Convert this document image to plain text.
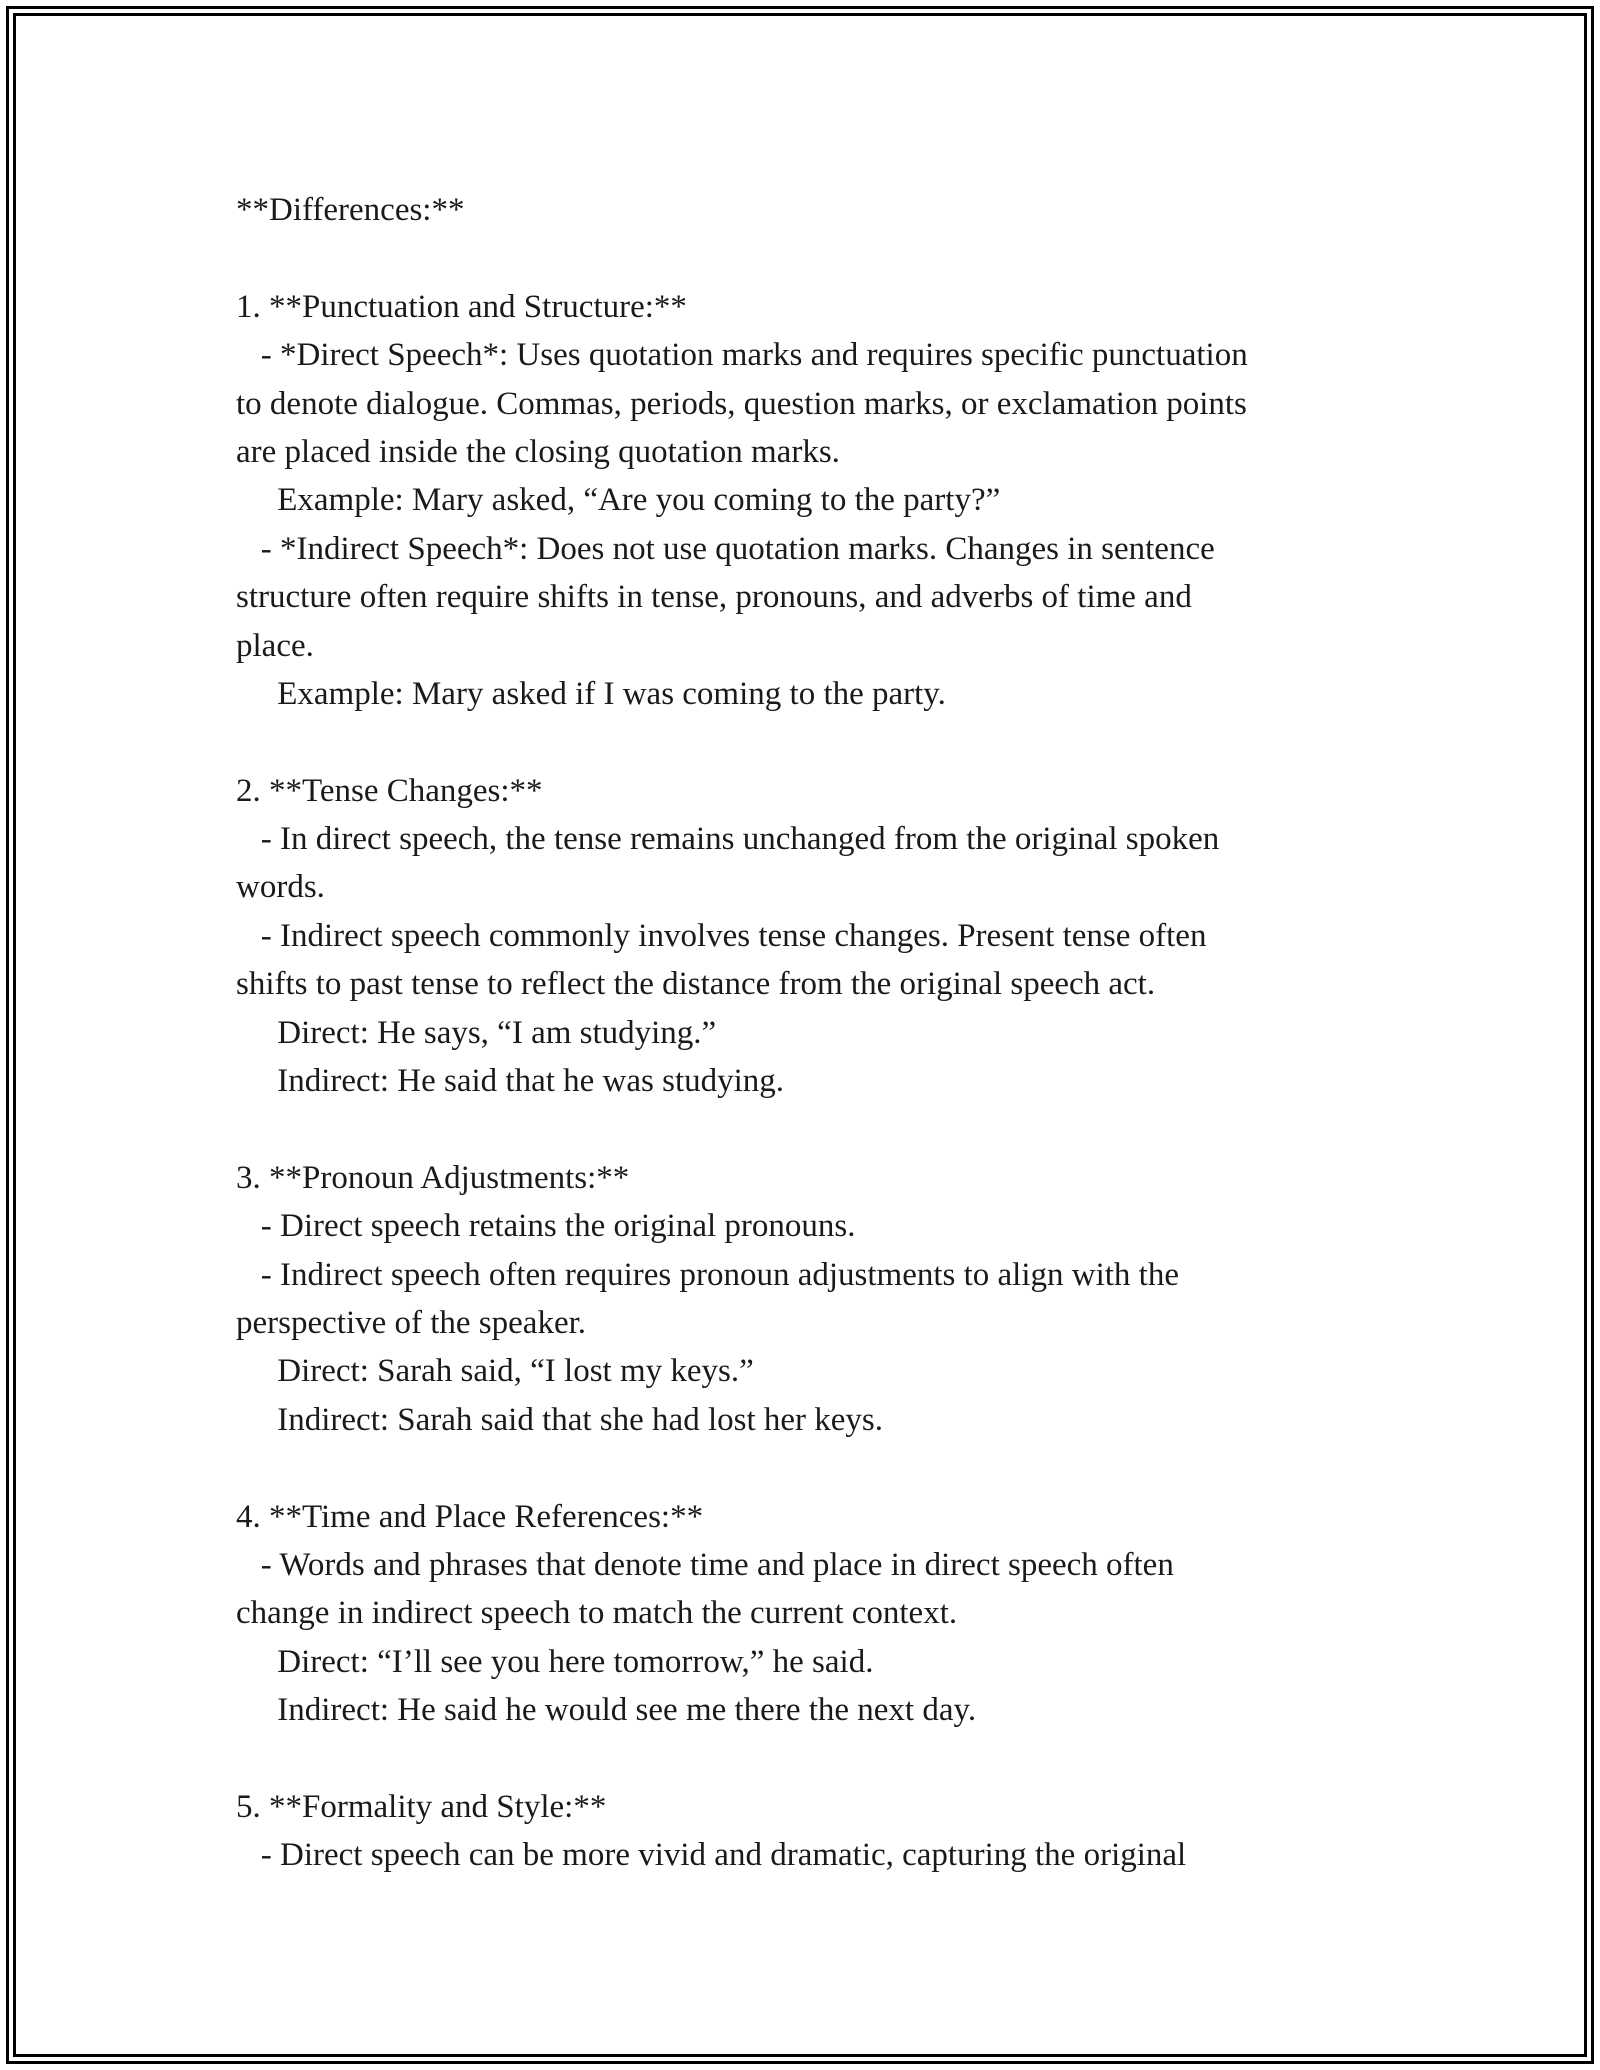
**Differences:**
1. **Punctuation and Structure:**
- *Direct Speech*: Uses quotation marks and requires specific punctuation
to denote dialogue. Commas, periods, question marks, or exclamation points
are placed inside the closing quotation marks.
Example: Mary asked, “Are you coming to the party?”
- *Indirect Speech*: Does not use quotation marks. Changes in sentence
structure often require shifts in tense, pronouns, and adverbs of time and
place.
Example: Mary asked if I was coming to the party.
2. **Tense Changes:**
- In direct speech, the tense remains unchanged from the original spoken
words.
- Indirect speech commonly involves tense changes. Present tense often
shifts to past tense to reflect the distance from the original speech act.
Direct: He says, “I am studying.”
Indirect: He said that he was studying.
3. **Pronoun Adjustments:**
- Direct speech retains the original pronouns.
- Indirect speech often requires pronoun adjustments to align with the
perspective of the speaker.
Direct: Sarah said, “I lost my keys.”
Indirect: Sarah said that she had lost her keys.
4. **Time and Place References:**
- Words and phrases that denote time and place in direct speech often
change in indirect speech to match the current context.
Direct: “I’ll see you here tomorrow,” he said.
Indirect: He said he would see me there the next day.
5. **Formality and Style:**
- Direct speech can be more vivid and dramatic, capturing the original
